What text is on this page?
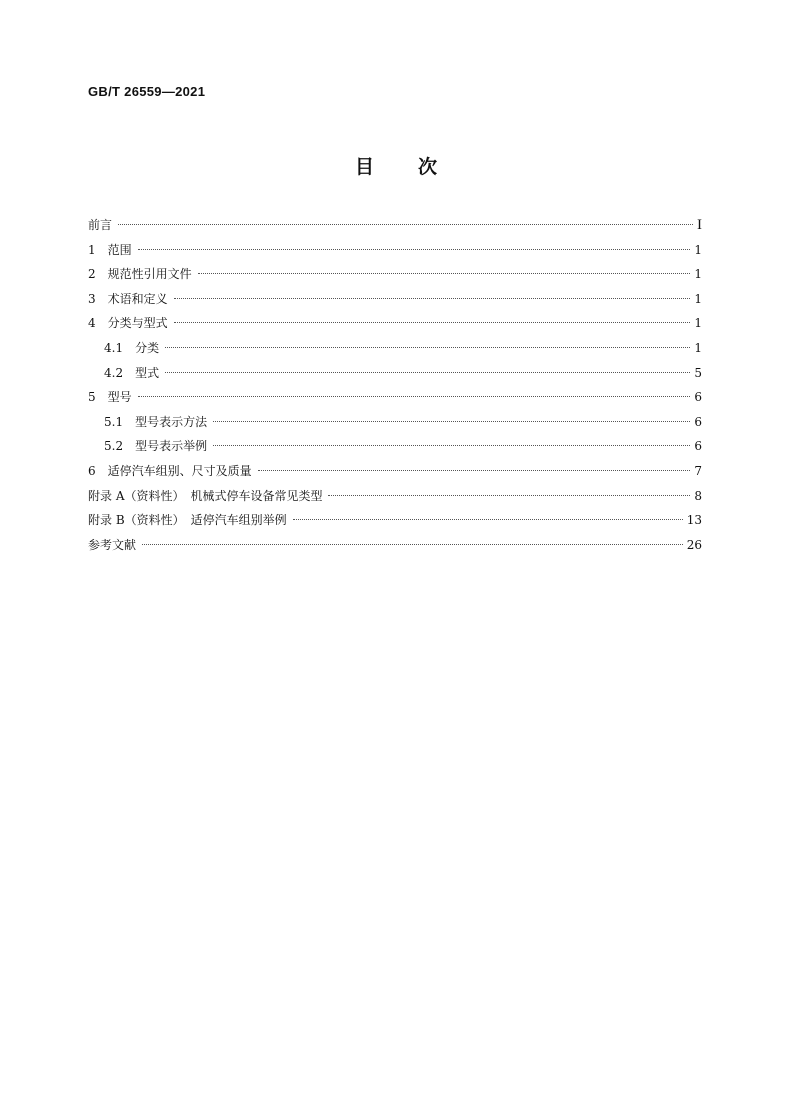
GB/T 26559—2021
目 次
前言	I
1　范围	1
2　规范性引用文件	1
3　术语和定义	1
4　分类与型式	1
4.1　分类	1
4.2　型式	5
5　型号	6
5.1　型号表示方法	6
5.2　型号表示举例	6
6　适停汽车组别、尺寸及质量	7
附录 A（资料性）　机械式停车设备常见类型	8
附录 B（资料性）　适停汽车组别举例	13
参考文献	26
